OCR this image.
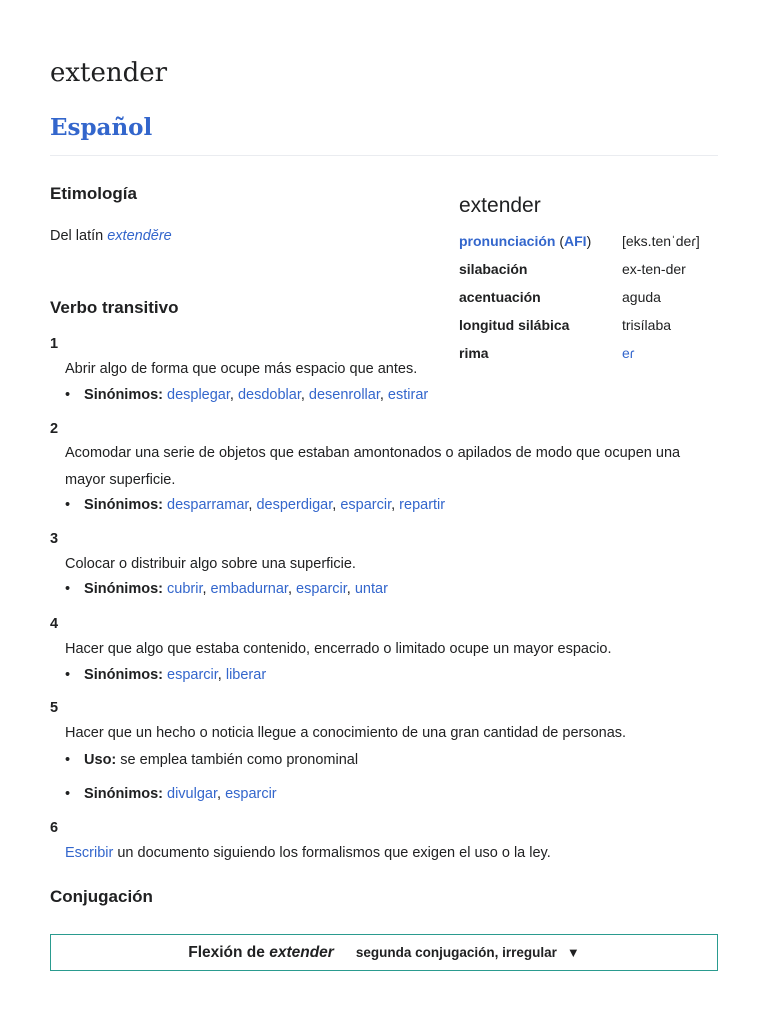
extender
Español
Etimología
Del latín extendĕre
extender
pronunciación (AFI)	[eks.tenˈdeɾ]
silabación	ex-ten-der
acentuación	aguda
longitud silábica	trisílaba
rima	eɾ
Verbo transitivo
1
Abrir algo de forma que ocupe más espacio que antes.
• Sinónimos: desplegar, desdoblar, desenrollar, estirar
2
Acomodar una serie de objetos que estaban amontonados o apilados de modo que ocupen una mayor superficie.
• Sinónimos: desparramar, desperdigar, esparcir, repartir
3
Colocar o distribuir algo sobre una superficie.
• Sinónimos: cubrir, embadurnar, esparcir, untar
4
Hacer que algo que estaba contenido, encerrado o limitado ocupe un mayor espacio.
• Sinónimos: esparcir, liberar
5
Hacer que un hecho o noticia llegue a conocimiento de una gran cantidad de personas.
• Uso: se emplea también como pronominal
• Sinónimos: divulgar, esparcir
6
Escribir un documento siguiendo los formalismos que exigen el uso o la ley.
Conjugación
Flexión de extender segunda conjugación, irregular ▼
